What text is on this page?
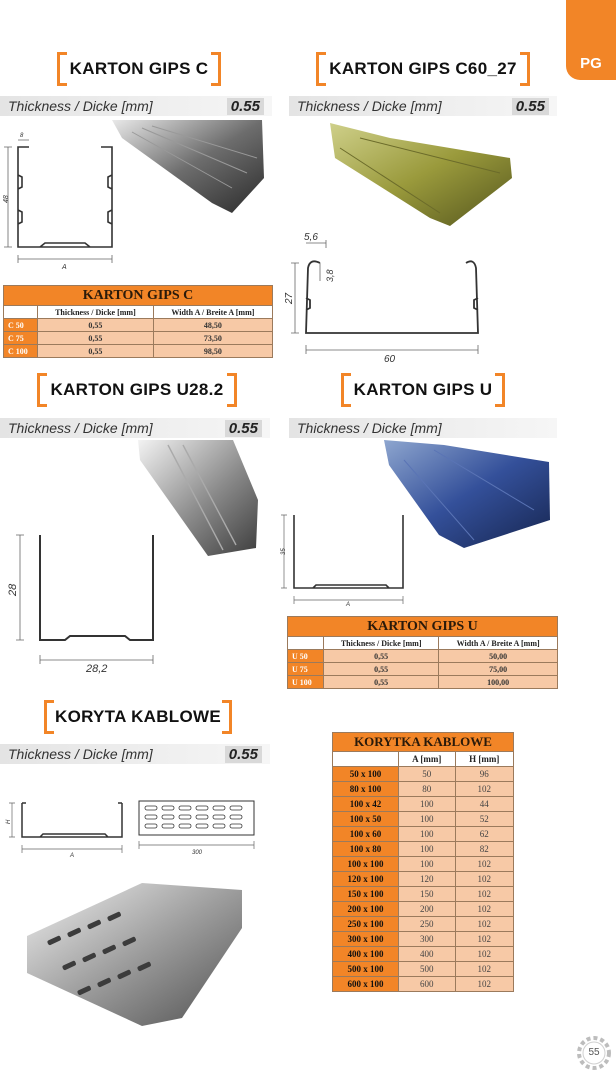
PG
KARTON GIPS C
Thickness / Dicke [mm]	0.55
48
A
8
KARTON GIPS C		
	Thickness / Dicke [mm]	Width A / Breite A [mm]
C 50	0,55	48,50
C 75	0,55	73,50
C 100	0,55	98,50
KARTON GIPS C60_27
Thickness / Dicke [mm]	0.55
5,6
3,8
27
60
KARTON GIPS U28.2
Thickness / Dicke [mm]	0.55
28
28,2
KARTON GIPS U
Thickness / Dicke [mm]
35
A
KARTON GIPS U		
	Thickness / Dicke [mm]	Width A / Breite A [mm]
U 50	0,55	50,00
U 75	0,55	75,00
U 100	0,55	100,00
KORYTA KABLOWE
Thickness / Dicke [mm]	0.55
H
A	300
KORYTKA KABLOWE		
	A [mm]	H [mm]
50 x 100	50	96
80 x 100	80	102
100 x 42	100	44
100 x 50	100	52
100 x 60	100	62
100 x 80	100	82
100 x 100	100	102
120 x 100	120	102
150 x 100	150	102
200 x 100	200	102
250 x 100	250	102
300 x 100	300	102
400 x 100	400	102
500 x 100	500	102
600 x 100	600	102
55
